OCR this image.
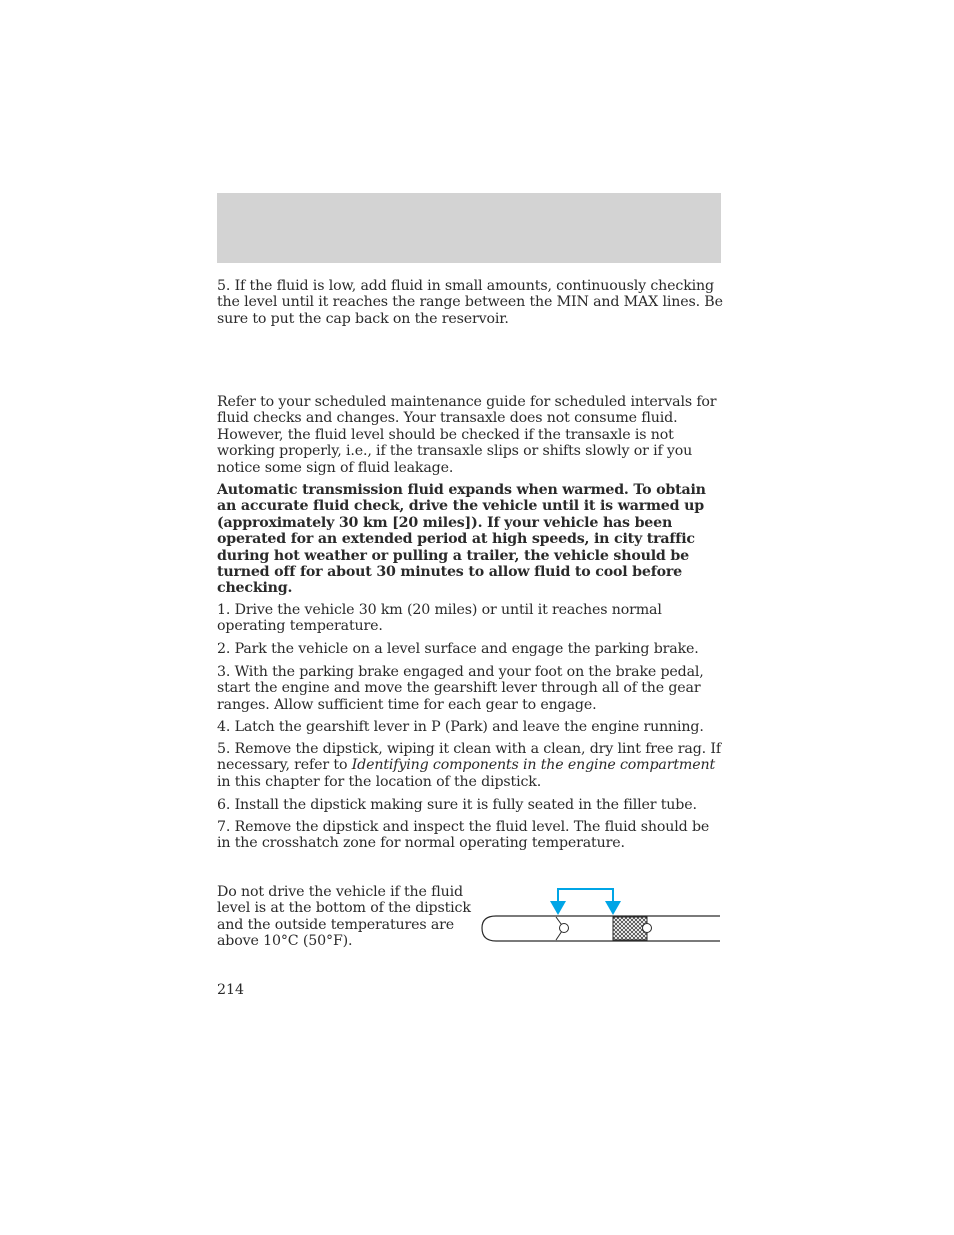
5. If the fluid is low, add fluid in small amounts, continuously checking the level until it reaches the range between the MIN and MAX lines. Be sure to put the cap back on the reservoir.

Refer to your scheduled maintenance guide for scheduled intervals for fluid checks and changes. Your transaxle does not consume fluid. However, the fluid level should be checked if the transaxle is not working properly, i.e., if the transaxle slips or shifts slowly or if you notice some sign of fluid leakage.

Automatic transmission fluid expands when warmed. To obtain an accurate fluid check, drive the vehicle until it is warmed up (approximately 30 km [20 miles]). If your vehicle has been operated for an extended period at high speeds, in city traffic during hot weather or pulling a trailer, the vehicle should be turned off for about 30 minutes to allow fluid to cool before checking.

1. Drive the vehicle 30 km (20 miles) or until it reaches normal operating temperature.

2. Park the vehicle on a level surface and engage the parking brake.

3. With the parking brake engaged and your foot on the brake pedal, start the engine and move the gearshift lever through all of the gear ranges. Allow sufficient time for each gear to engage.

4. Latch the gearshift lever in P (Park) and leave the engine running.

5. Remove the dipstick, wiping it clean with a clean, dry lint free rag. If necessary, refer to Identifying components in the engine compartment in this chapter for the location of the dipstick.

6. Install the dipstick making sure it is fully seated in the filler tube.

7. Remove the dipstick and inspect the fluid level. The fluid should be in the crosshatch zone for normal operating temperature.

Do not drive the vehicle if the fluid level is at the bottom of the dipstick and the outside temperatures are above 10°C (50°F).

214
